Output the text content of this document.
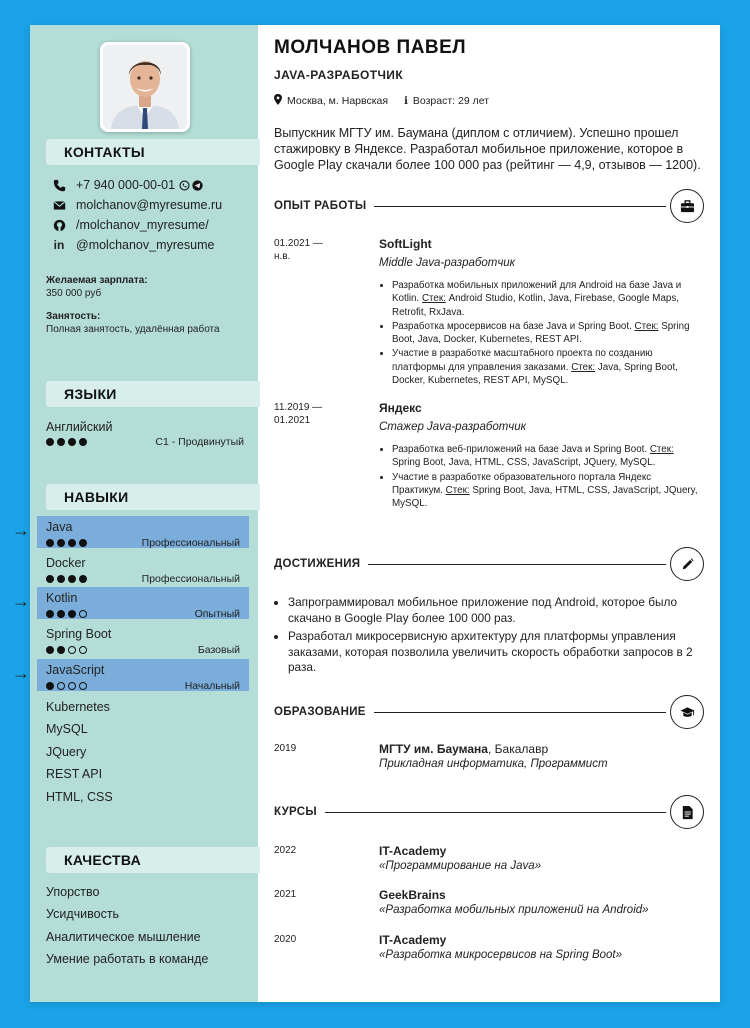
КОНТАКТЫ
+7 940 000-00-01
molchanov@myresume.ru
/molchanov_myresume/
in @molchanov_myresume
Желаемая зарплата:
350 000 руб
Занятость:
Полная занятость, удалённая работа
ЯЗЫКИ
Английский
C1 - Продвинутый
НАВЫКИ
Kubernetes
MySQL
JQuery
REST API
HTML, CSS
КАЧЕСТВА
Упорство
Усидчивость
Аналитическое мышление
Умение работать в команде
Java
Профессиональный
→
Docker
Профессиональный
Kotlin
Опытный
→
Spring Boot
Базовый
JavaScript
Начальный
→
МОЛЧАНОВ ПАВЕЛ
JAVA-РАЗРАБОТЧИК
Москва, м. Нарвская i Возраст: 29 лет
Выпускник МГТУ им. Баумана (диплом с отличием). Успешно прошел стажировку в Яндексе. Разработал мобильное приложение, которое в Google Play скачали более 100 000 раз (рейтинг — 4,9, отзывов — 1200).
ОПЫТ РАБОТЫ
01.2021 —
н.в.
SoftLight
Middle Java-разработчик
• Разработка мобильных приложений для Android на базе Java и Kotlin. Стек: Android Studio, Kotlin, Java, Firebase, Google Maps, Retrofit, RxJava.
• Разработка мросервисов на базе Java и Spring Boot. Стек: Spring Boot, Java, Docker, Kubernetes, REST API.
• Участие в разработке масштабного проекта по созданию платформы для управления заказами. Стек: Java, Spring Boot, Docker, Kubernetes, REST API, MySQL.
11.2019 —
01.2021
Яндекс
Стажер Java-разработчик
• Разработка веб-приложений на базе Java и Spring Boot. Стек: Spring Boot, Java, HTML, CSS, JavaScript, JQuery, MySQL.
• Участие в разработке образовательного портала Яндекс Практикум. Стек: Spring Boot, Java, HTML, CSS, JavaScript, JQuery, MySQL.
ДОСТИЖЕНИЯ
• Запрограммировал мобильное приложение под Android, которое было скачано в Google Play более 100 000 раз.
• Разработал микросервисную архитектуру для платформы управления заказами, которая позволила увеличить скорость обработки запросов в 2 раза.
ОБРАЗОВАНИЕ
2019	МГТУ им. Баумана, Бакалавр
Прикладная информатика, Программист
КУРСЫ
2022	IT-Academy
«Программирование на Java»
2021	GeekBrains
«Разработка мобильных приложений на Android»
2020	IT-Academy
«Разработка микросервисов на Spring Boot»
